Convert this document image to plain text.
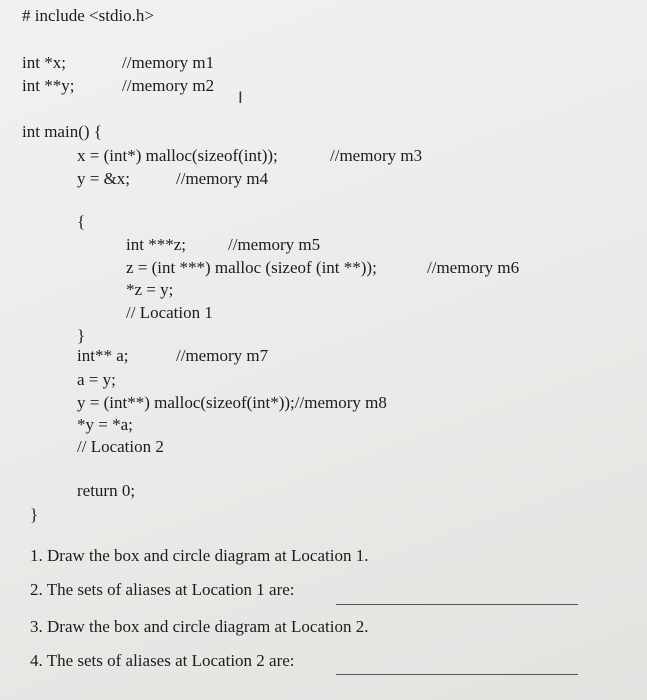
# include <stdio.h>
int *x;	//memory m1
int **y;	//memory m2
I
int main() {
x = (int*) malloc(sizeof(int));	//memory m3
y = &x;	//memory m4
{
int ***z; //memory m5
z = (int ***) malloc (sizeof (int **));	//memory m6
*z = y;
// Location 1
}
int** a;	//memory m7
a = y;
y = (int**) malloc(sizeof(int*));//memory m8
*y = *a;
// Location 2
return 0;
}
1. Draw the box and circle diagram at Location 1.
2. The sets of aliases at Location 1 are:
3. Draw the box and circle diagram at Location 2.
4. The sets of aliases at Location 2 are:
